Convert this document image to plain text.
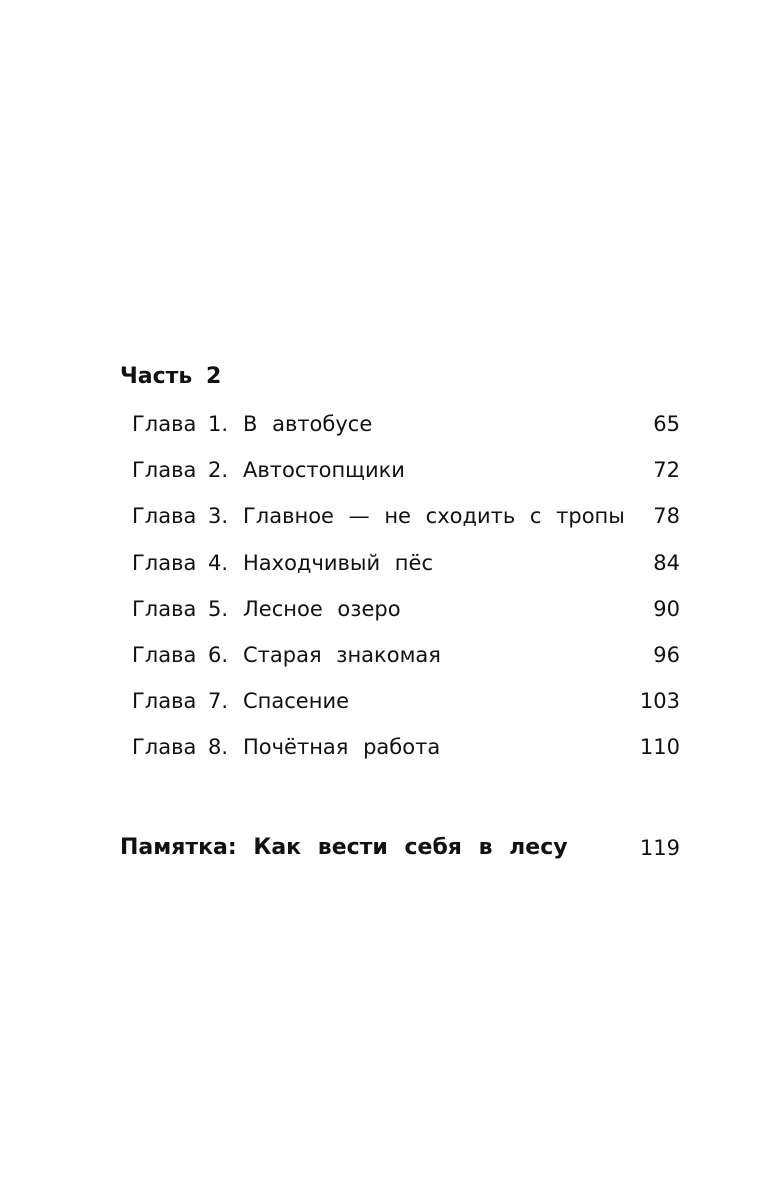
Часть 2
Глава 1. В автобусе	65
Глава 2. Автостопщики	72
Глава 3. Главное — не сходить с тропы	78
Глава 4. Находчивый пёс	84
Глава 5. Лесное озеро	90
Глава 6. Старая знакомая	96
Глава 7. Спасение	103
Глава 8. Почётная работа	110
Памятка: Как вести себя в лесу	119
